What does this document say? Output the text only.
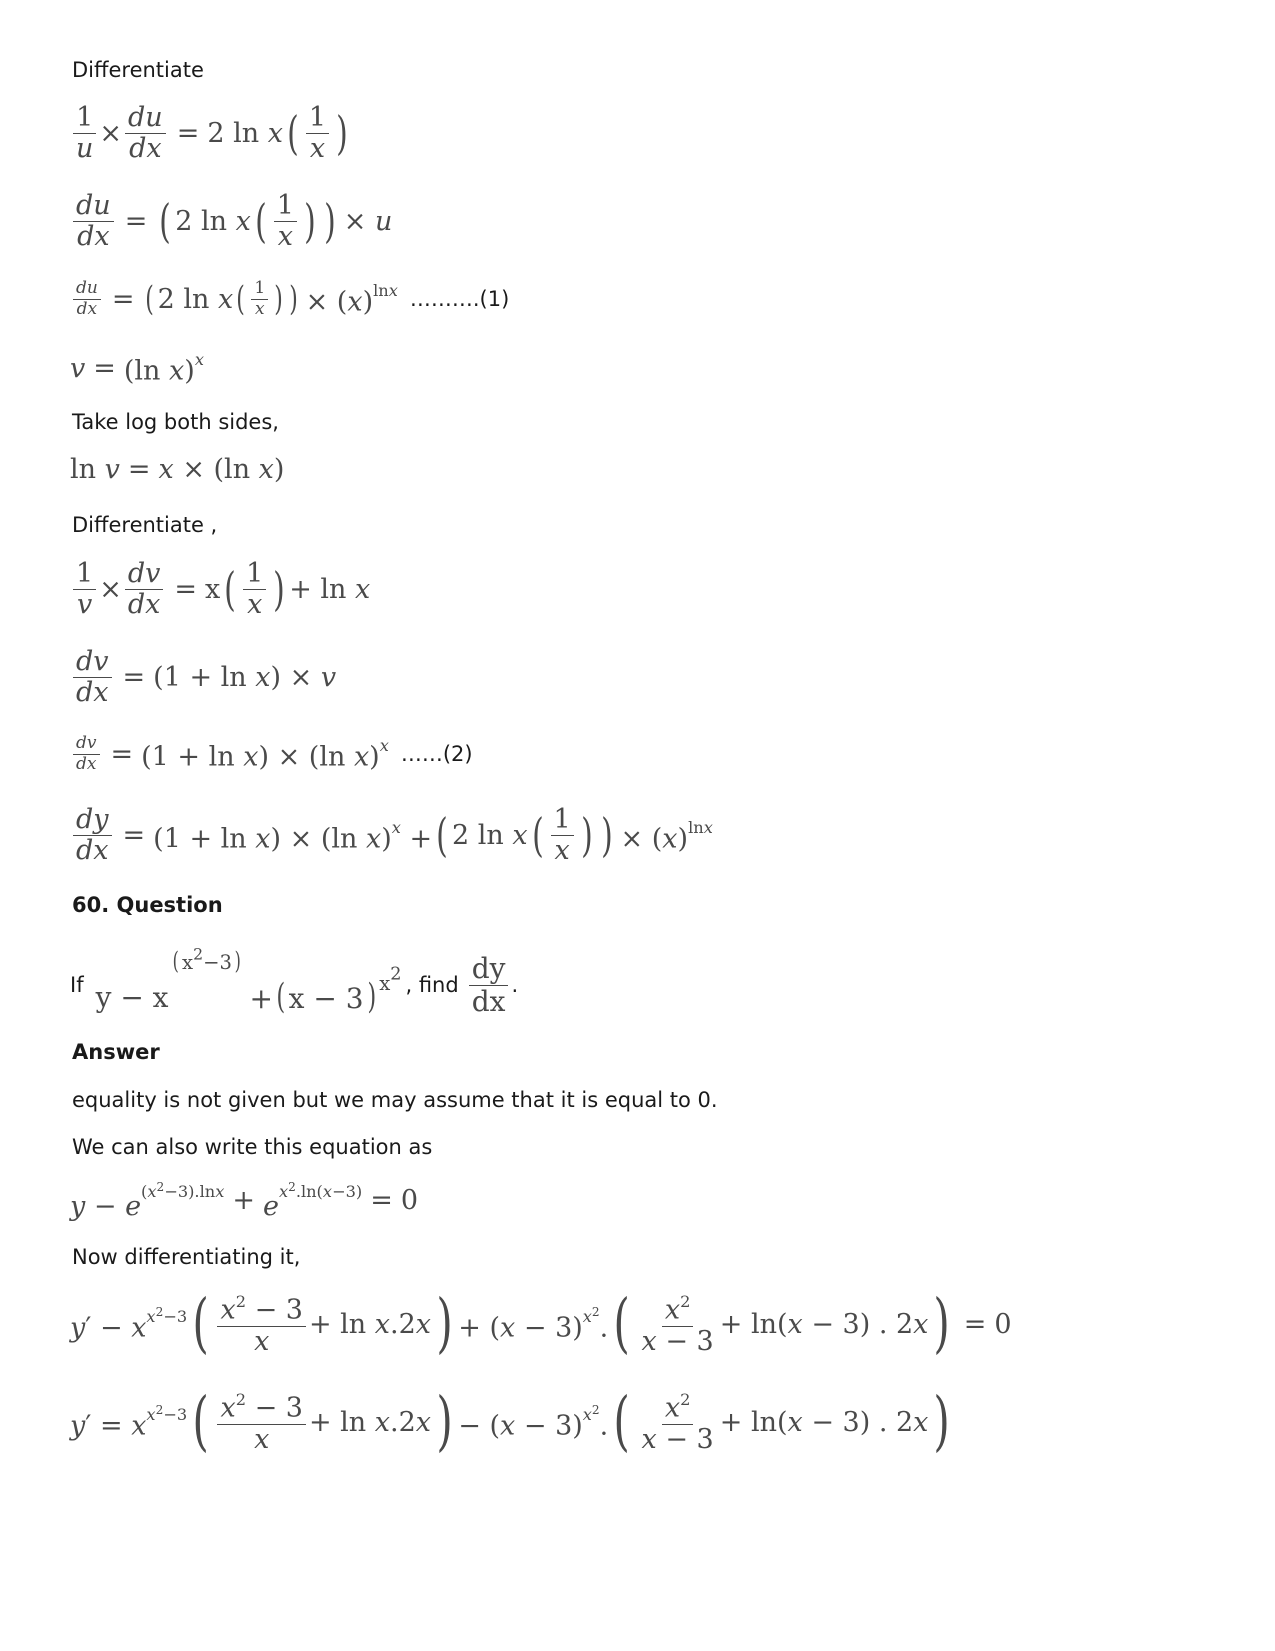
Differentiate
$\frac{1}{u} \times \frac{du}{dx} = 2$ ln x ( $\frac{1}{x}$ )
$\frac{du}{dx}$ = ( 2 ln x ( $\frac{1}{x}$ ) ) × u
$\frac{du}{dx}$ = ( 2 ln x ( $\frac{1}{x}$ ) ) × $(x)^{lnx}$ ……….(1)
v = (ln x)$^x$
Take log both sides,
ln v = x × (ln x)
Differentiate ,
$\frac{1}{v} \times \frac{dv}{dx} = x$ ( $\frac{1}{x}$ ) + ln x
$\frac{dv}{dx} = (1 + \ln x) \times v$
$\frac{dv}{dx} = (1 + \ln x) \times (\ln$ x)$^x$ ……(2)
$\frac{dy}{dx} = (1 + \ln x) \times (\ln$ x)$^x$ + ( 2 ln x ( $\frac{1}{x}$ ) ) × $(x)^{lnx}$
60. Question
If $y - x^{( x^2-3 )}$
+( x − 3) $^{x2}$ , find $\frac{dy}{dx}$ .
Answer
equality is not given but we may assume that it is equal to 0.
We can also write this equation as
$y - e^{(x^2-3).lnx} + e^{x^2.ln(x-3)} = 0$
Now differentiating it,
$y' - x^{x^2-3}$ ( $\frac{x^2 - 3}{x} + \ln x.2x$ ) + $(x - 3)^{x^2}$. ( $\frac{x^2}{x - 3} + \ln(x - 3)$ . 2x ) = 0
$y' = x^{x^2-3}$ ( $\frac{x^2 - 3}{x} + \ln x.2x$ ) − $(x - 3)^{x^2}$. ( $\frac{x^2}{x - 3} + \ln(x - 3)$ . 2x )
